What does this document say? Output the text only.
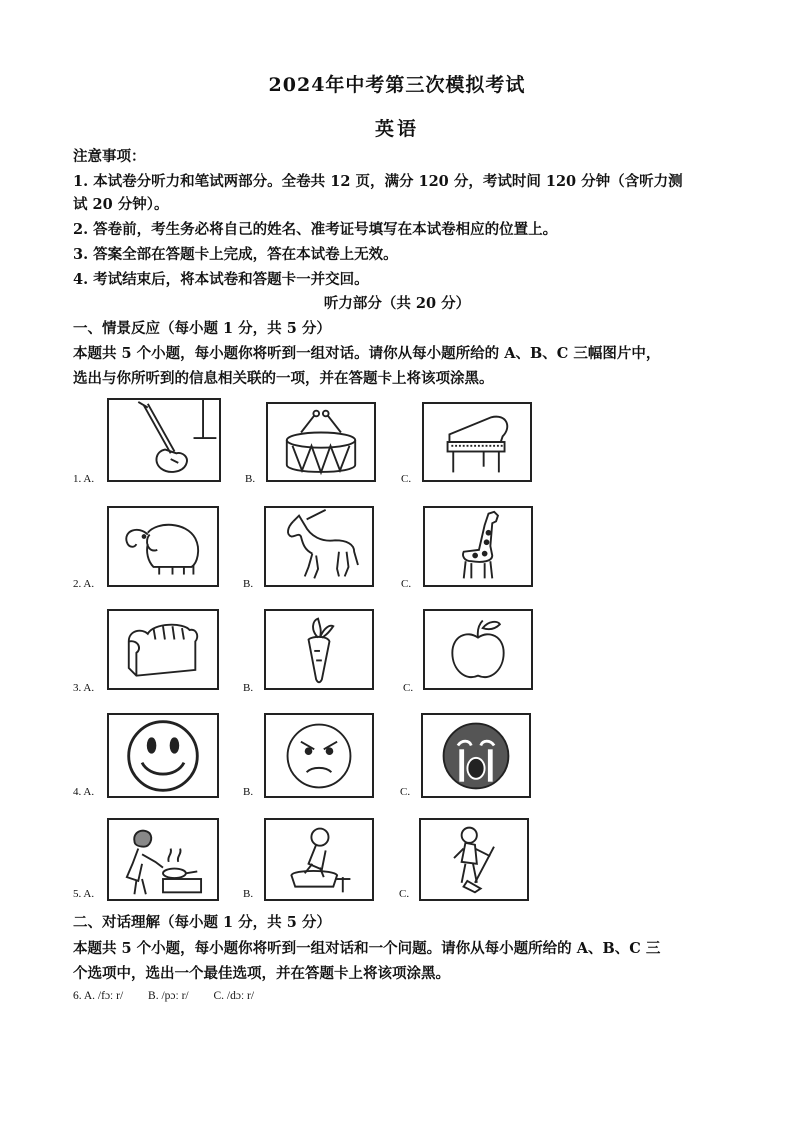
2024年中考第三次模拟考试
英语
注意事项：
1. 本试卷分听力和笔试两部分。全卷共 12 页，满分 120 分，考试时间 120 分钟（含听力测
试 20 分钟）。
2. 答卷前，考生务必将自己的姓名、准考证号填写在本试卷相应的位置上。
3. 答案全部在答题卡上完成，答在本试卷上无效。
4. 考试结束后，将本试卷和答题卡一并交回。
听力部分（共 20 分）
一、情景反应（每小题 1 分，共 5 分）
本题共 5 个小题，每小题你将听到一组对话。请你从每小题所给的 A、B、C 三幅图片中，
选出与你所听到的信息相关联的一项，并在答题卡上将该项涂黑。
1. A.	B.	C.
2. A.	B.	C.
3. A.	B.	C.
4. A.	B.	C.
5. A.	B.	C.
二、对话理解（每小题 1 分，共 5 分）
本题共 5 个小题，每小题你将听到一组对话和一个问题。请你从每小题所给的 A、B、C 三
个选项中，选出一个最佳选项，并在答题卡上将该项涂黑。
6. A. /fɔː r/ B. /pɔː r/ C. /dɔː r/
